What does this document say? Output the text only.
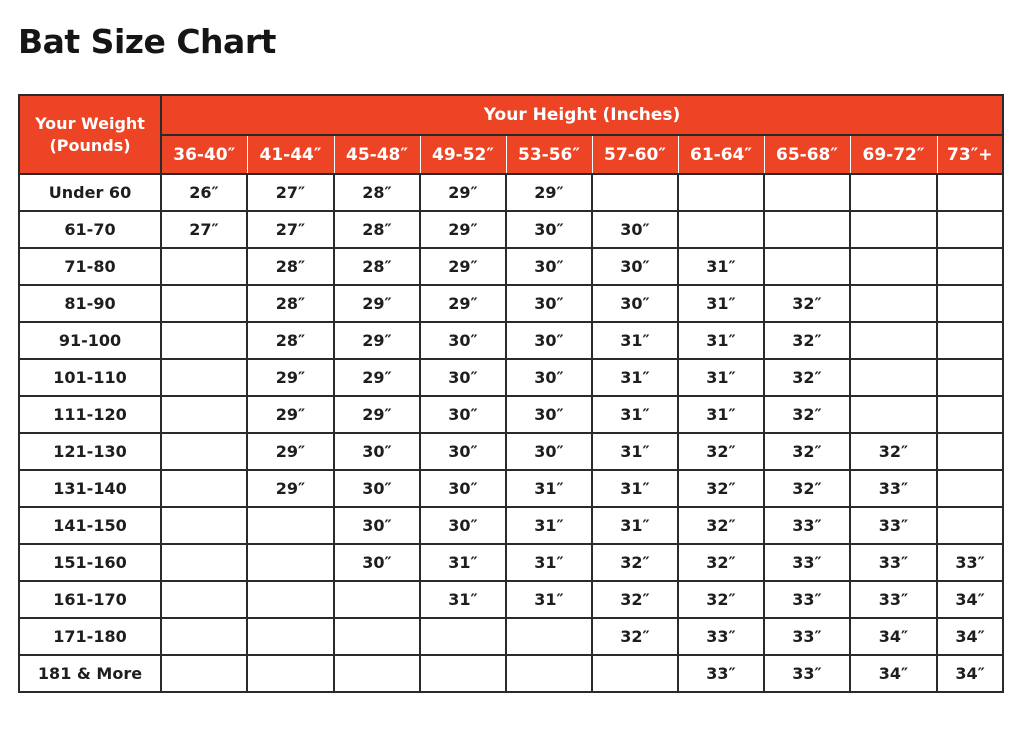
Bat Size Chart
Your Weight
(Pounds)	Your Height (Inches)									
	36-40″	41-44″	45-48″	49-52″	53-56″	57-60″	61-64″	65-68″	69-72″	73″+
Under 60	26″	27″	28″	29″	29″					
61-70	27″	27″	28″	29″	30″	30″				
71-80		28″	28″	29″	30″	30″	31″			
81-90		28″	29″	29″	30″	30″	31″	32″		
91-100		28″	29″	30″	30″	31″	31″	32″		
101-110		29″	29″	30″	30″	31″	31″	32″		
111-120		29″	29″	30″	30″	31″	31″	32″		
121-130		29″	30″	30″	30″	31″	32″	32″	32″	
131-140		29″	30″	30″	31″	31″	32″	32″	33″	
141-150			30″	30″	31″	31″	32″	33″	33″	
151-160			30″	31″	31″	32″	32″	33″	33″	33″
161-170				31″	31″	32″	32″	33″	33″	34″
171-180						32″	33″	33″	34″	34″
181 & More							33″	33″	34″	34″
